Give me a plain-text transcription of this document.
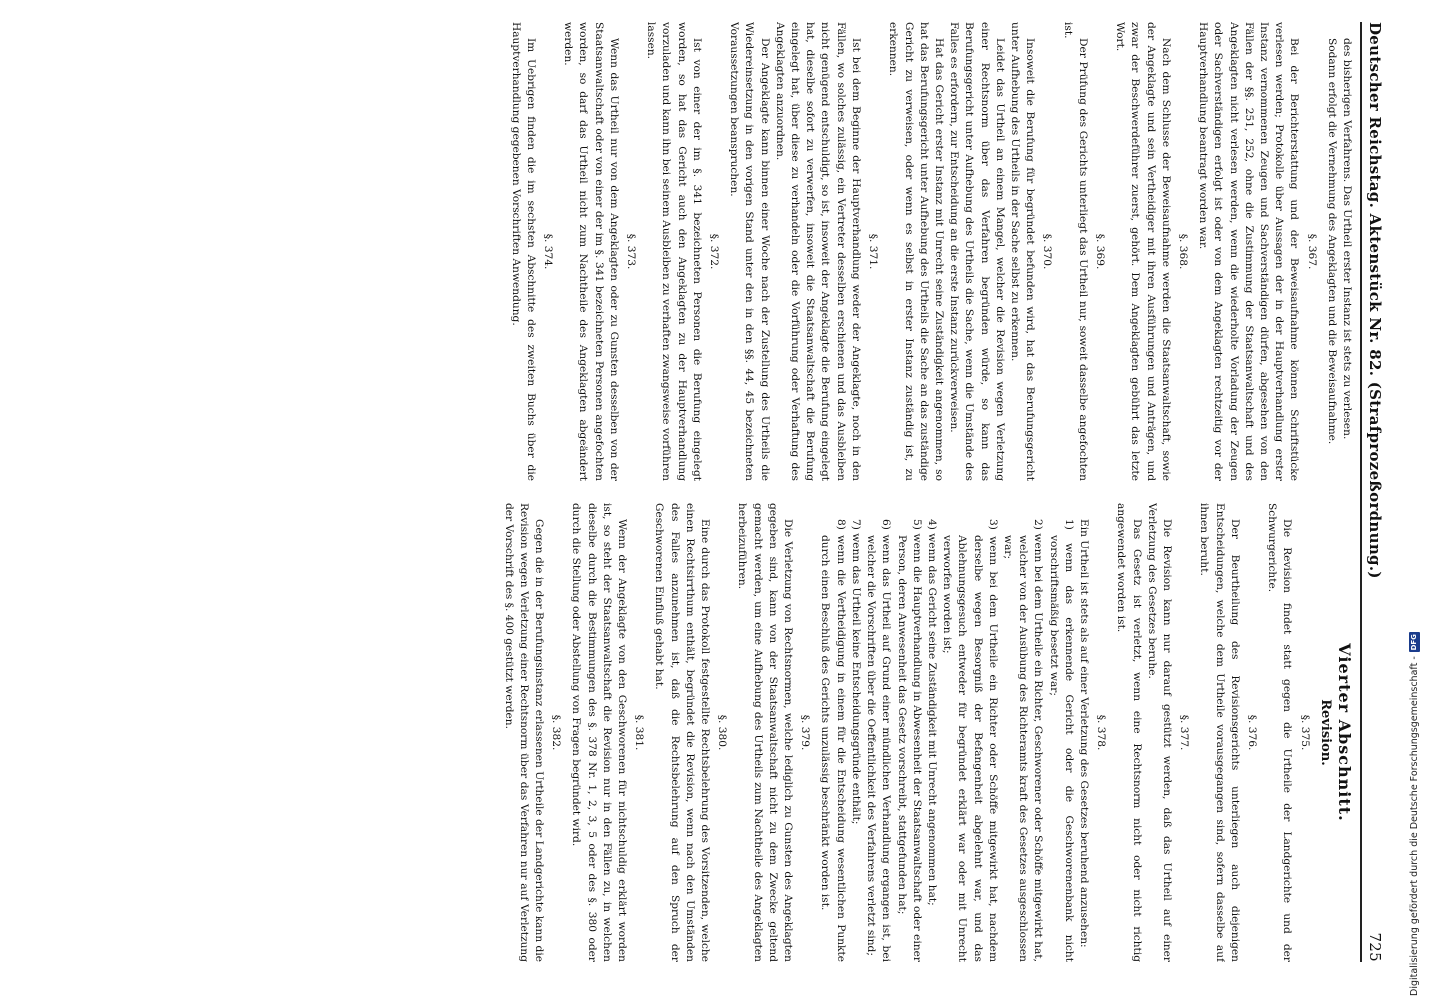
Deutscher Reichstag. Aktenstück Nr. 82. (Strafprozeßordnung.)
725

des bisherigen Verfahrens. Das Urtheil erster Instanz ist stets zu verlesen.

Sodann erfolgt die Vernehmung des Angeklagten und die Beweisaufnahme.

§. 367.

Bei der Berichterstattung und der Beweisaufnahme können Schriftstücke verlesen werden; Protokolle über Aussagen der in der Hauptverhandlung erster Instanz vernommenen Zeugen und Sachverständigen dürfen, abgesehen von den Fällen der §§. 251, 252, ohne die Zustimmung der Staatsanwaltschaft und des Angeklagten nicht verlesen werden, wenn die wiederholte Vorladung der Zeugen oder Sachverständigen erfolgt ist oder von dem Angeklagten rechtzeitig vor der Hauptverhandlung beantragt worden war.

§. 368.

Nach dem Schlusse der Beweisaufnahme werden die Staatsanwaltschaft, sowie der Angeklagte und sein Vertheidiger mit ihren Ausführungen und Anträgen, und zwar der Beschwerdeführer zuerst, gehört. Dem Angeklagten gebührt das letzte Wort.

§. 369.

Der Prüfung des Gerichts unterliegt das Urtheil nur, soweit dasselbe angefochten ist.

§. 370.

Insoweit die Berufung für begründet befunden wird, hat das Berufungsgericht unter Aufhebung des Urtheils in der Sache selbst zu erkennen.

Leidet das Urtheil an einem Mangel, welcher die Revision wegen Verletzung einer Rechtsnorm über das Verfahren begründen würde, so kann das Berufungsgericht unter Aufhebung des Urtheils die Sache, wenn die Umstände des Falles es erfordern, zur Entscheidung an die erste Instanz zurückverweisen.

Hat das Gericht erster Instanz mit Unrecht seine Zuständigkeit angenommen, so hat das Berufungsgericht unter Aufhebung des Urtheils die Sache an das zuständige Gericht zu verweisen, oder wenn es selbst in erster Instanz zuständig ist, zu erkennen.

§. 371.

Ist bei dem Beginne der Hauptverhandlung weder der Angeklagte, noch in den Fällen, wo solches zulässig, ein Vertreter desselben erschienen und das Ausbleiben nicht genügend entschuldigt, so ist, insoweit der Angeklagte die Berufung eingelegt hat, dieselbe sofort zu verwerfen, insoweit die Staatsanwaltschaft die Berufung eingelegt hat, über diese zu verhandeln oder die Vorführung oder Verhaftung des Angeklagten anzuordnen.

Der Angeklagte kann binnen einer Woche nach der Zustellung des Urtheils die Wiedereinsetzung in den vorigen Stand unter den in den §§. 44, 45 bezeichneten Voraussetzungen beanspruchen.

§. 372.

Ist von einer der im §. 341 bezeichneten Personen die Berufung eingelegt worden, so hat das Gericht auch den Angeklagten zu der Hauptverhandlung vorzuladen und kann ihn bei seinem Ausbleiben zu verhaften zwangsweise vorführen lassen.

§. 373.

Wenn das Urtheil nur von dem Angeklagten oder zu Gunsten desselben von der Staatsanwaltschaft oder von einer der im §. 341 bezeichneten Personen angefochten worden, so darf das Urtheil nicht zum Nachtheile des Angeklagten abgeändert werden.

§. 374.

Im Uebrigen finden die im sechsten Abschnitte des zweiten Buchs über die Hauptverhandlung gegebenen Vorschriften Anwendung.

Vierter Abschnitt.

Revision.

§. 375.

Die Revision findet statt gegen die Urtheile der Landgerichte und der Schwurgerichte.

§. 376.

Der Beurtheilung des Revisionsgerichts unterliegen auch diejenigen Entscheidungen, welche dem Urtheile vorausgegangen sind, sofern dasselbe auf ihnen beruht.

§. 377.

Die Revision kann nur darauf gestützt werden, daß das Urtheil auf einer Verletzung des Gesetzes beruhe.

Das Gesetz ist verletzt, wenn eine Rechtsnorm nicht oder nicht richtig angewendet worden ist.

§. 378.

Ein Urtheil ist stets als auf einer Verletzung des Gesetzes beruhend anzusehen:

1) wenn das erkennende Gericht oder die Geschworenenbank nicht vorschriftsmäßig besetzt war;

2) wenn bei dem Urtheile ein Richter, Geschworener oder Schöffe mitgewirkt hat, welcher von der Ausübung des Richteramts kraft des Gesetzes ausgeschlossen war;

3) wenn bei dem Urtheile ein Richter oder Schöffe mitgewirkt hat, nachdem derselbe wegen Besorgniß der Befangenheit abgelehnt war, und das Ablehnungsgesuch entweder für begründet erklärt war oder mit Unrecht verworfen worden ist;

4) wenn das Gericht seine Zuständigkeit mit Unrecht angenommen hat;

5) wenn die Hauptverhandlung in Abwesenheit der Staatsanwaltschaft oder einer Person, deren Anwesenheit das Gesetz vorschreibt, stattgefunden hat;

6) wenn das Urtheil auf Grund einer mündlichen Verhandlung ergangen ist, bei welcher die Vorschriften über die Oeffentlichkeit des Verfahrens verletzt sind;

7) wenn das Urtheil keine Entscheidungsgründe enthält;

8) wenn die Vertheidigung in einem für die Entscheidung wesentlichen Punkte durch einen Beschluß des Gerichts unzulässig beschränkt worden ist.

§. 379.

Die Verletzung von Rechtsnormen, welche lediglich zu Gunsten des Angeklagten gegeben sind, kann von der Staatsanwaltschaft nicht zu dem Zwecke geltend gemacht werden, um eine Aufhebung des Urtheils zum Nachtheile des Angeklagten herbeizuführen.

§. 380.

Eine durch das Protokoll festgestellte Rechtsbelehrung des Vorsitzenden, welche einen Rechtsirrthum enthält, begründet die Revision, wenn nach den Umständen des Falles anzunehmen ist, daß die Rechtsbelehrung auf den Spruch der Geschworenen Einfluß gehabt hat.

§. 381.

Wenn der Angeklagte von den Geschworenen für nichtschuldig erklärt worden ist, so steht der Staatsanwaltschaft die Revision nur in den Fällen zu, in welchen dieselbe durch die Bestimmungen des §. 378 Nr. 1, 2, 3, 5 oder des §. 380 oder durch die Stellung oder Abstellung von Fragen begründet wird.

§. 382.

Gegen die in der Berufungsinstanz erlassenen Urtheile der Landgerichte kann die Revision wegen Verletzung einer Rechtsnorm über das Verfahren nur auf Verletzung der Vorschrift des §. 400 gestützt werden.

Digitalisierung gefördert durch die Deutsche Forschungsgemeinschaft -
DFG
